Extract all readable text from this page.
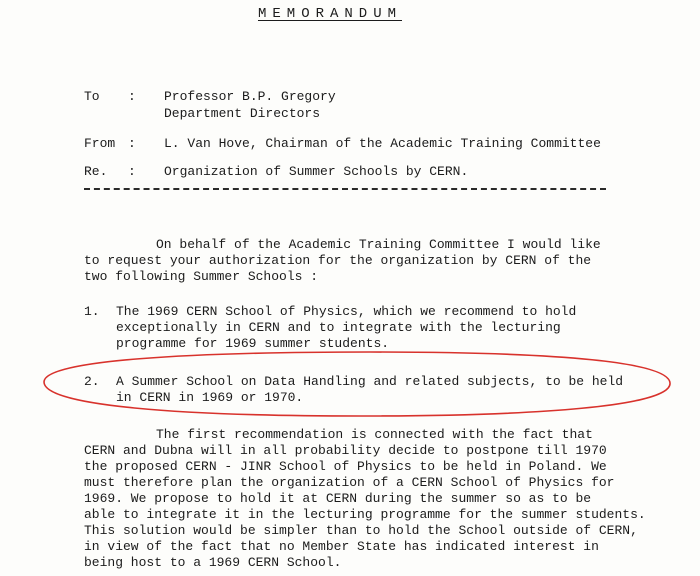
MEMORANDUM
To : Professor B.P. Gregory
Department Directors
From : L. Van Hove, Chairman of the Academic Training Committee
Re. : Organization of Summer Schools by CERN.
On behalf of the Academic Training Committee I would like
to request your authorization for the organization by CERN of the
two following Summer Schools :
1. The 1969 CERN School of Physics, which we recommend to hold
exceptionally in CERN and to integrate with the lecturing
programme for 1969 summer students.
2. A Summer School on Data Handling and related subjects, to be held
in CERN in 1969 or 1970.
The first recommendation is connected with the fact that
CERN and Dubna will in all probability decide to postpone till 1970
the proposed CERN - JINR School of Physics to be held in Poland. We
must therefore plan the organization of a CERN School of Physics for
1969. We propose to hold it at CERN during the summer so as to be
able to integrate it in the lecturing programme for the summer students.
This solution would be simpler than to hold the School outside of CERN,
in view of the fact that no Member State has indicated interest in
being host to a 1969 CERN School.
